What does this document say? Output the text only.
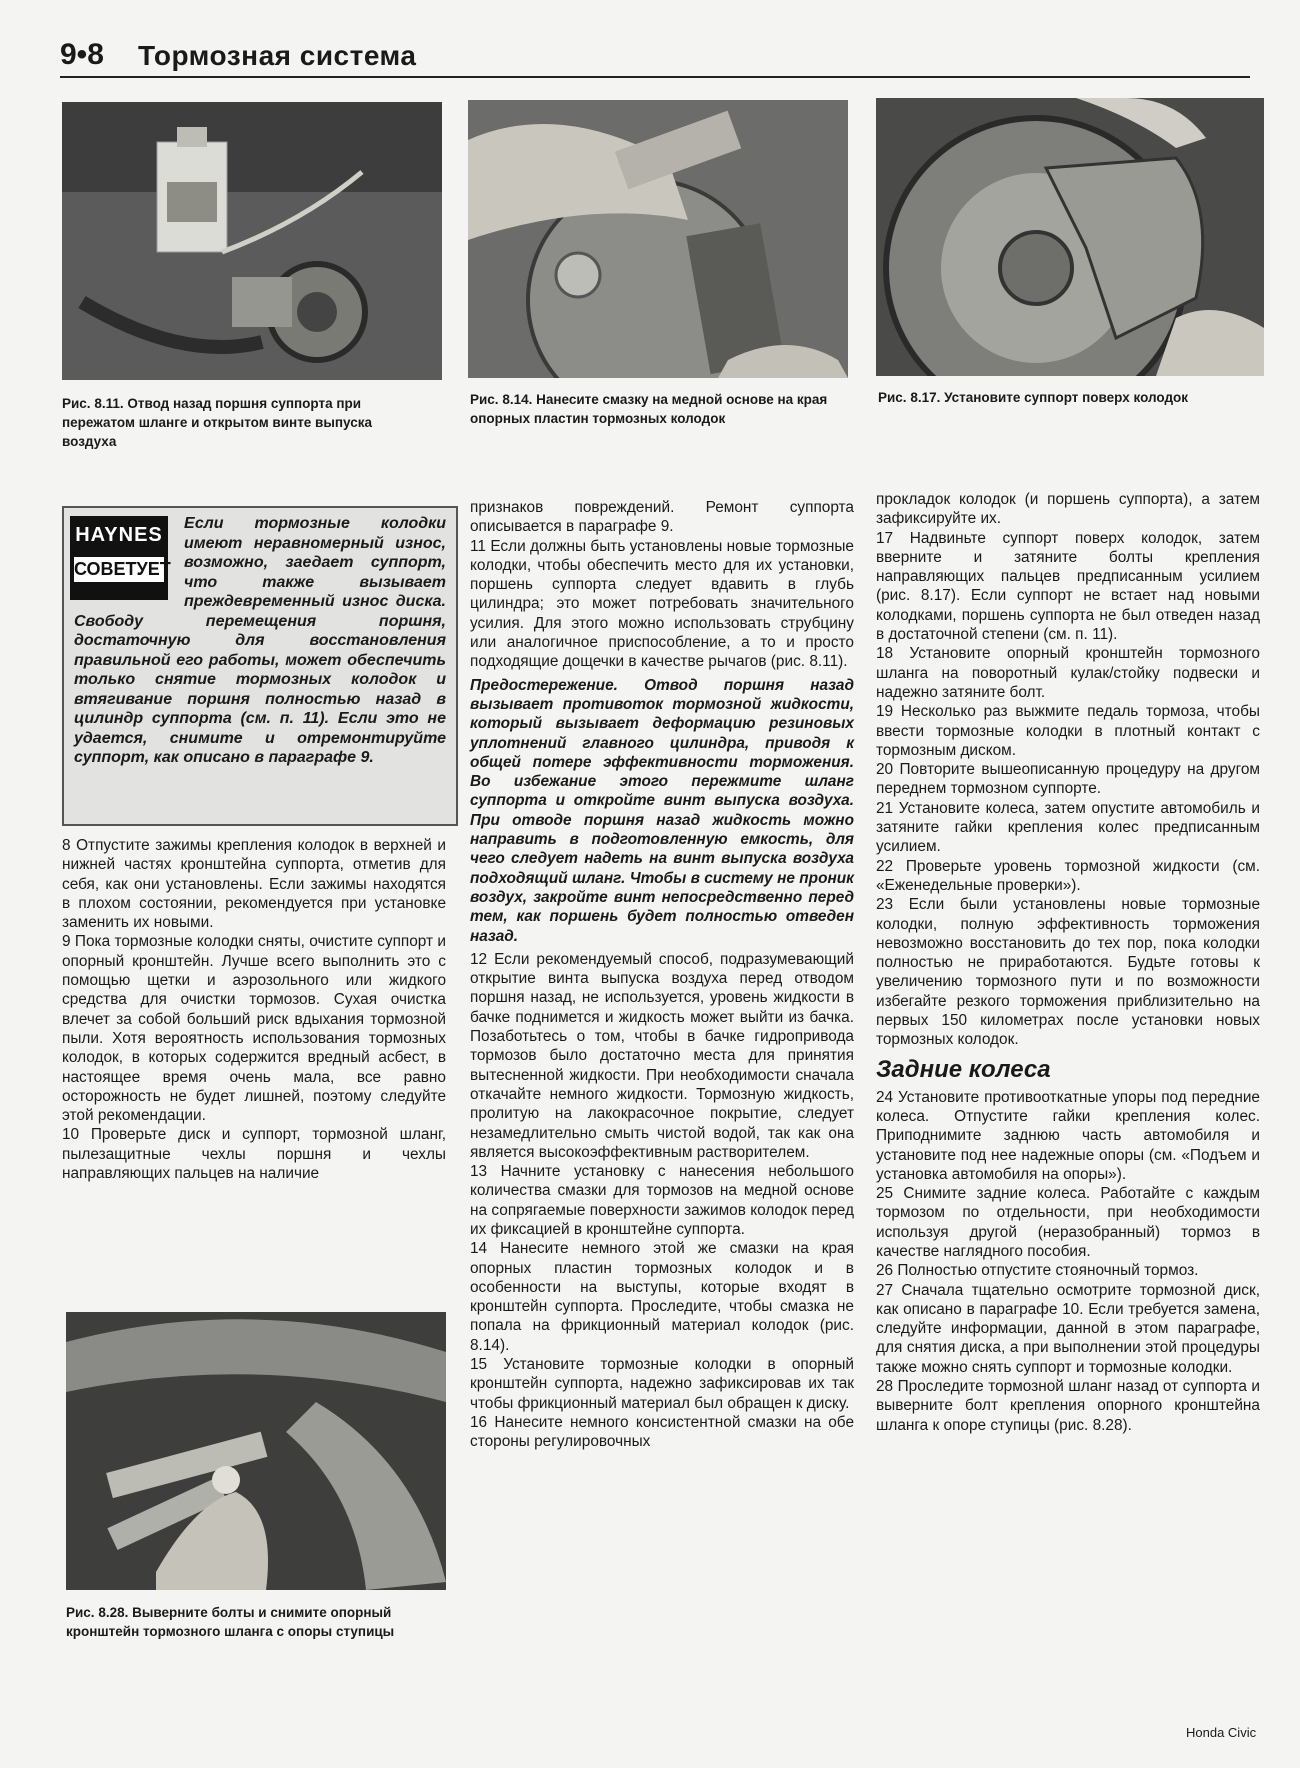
9•8 Тормозная система
Рис. 8.11. Отвод назад поршня суппорта при пережатом шланге и открытом винте выпуска воздуха
Рис. 8.14. Нанесите смазку на медной основе на края опорных пластин тормозных колодок
Рис. 8.17. Установите суппорт поверх колодок
HAYNES
СОВЕТУЕТ
Если тормозные колодки имеют неравномерный износ, возможно, заедает суппорт, что также вызывает преждевременный износ диска. Свободу перемещения поршня, достаточную для восстановления правильной его работы, может обеспечить только снятие тормозных колодок и втягивание поршня полностью назад в цилиндр суппорта (см. п. 11). Если это не удается, снимите и отремонтируйте суппорт, как описано в параграфе 9.

8 Отпустите зажимы крепления колодок в верхней и нижней частях кронштейна суппорта, отметив для себя, как они установлены. Если зажимы находятся в плохом состоянии, рекомендуется при установке заменить их новыми.

9 Пока тормозные колодки сняты, очистите суппорт и опорный кронштейн. Лучше всего выполнить это с помощью щетки и аэрозольного или жидкого средства для очистки тормозов. Сухая очистка влечет за собой больший риск вдыхания тормозной пыли. Хотя вероятность использования тормозных колодок, в которых содержится вредный асбест, в настоящее время очень мала, все равно осторожность не будет лишней, поэтому следуйте этой рекомендации.

10 Проверьте диск и суппорт, тормозной шланг, пылезащитные чехлы поршня и чехлы направляющих пальцев на наличие

Рис. 8.28. Выверните болты и снимите опорный кронштейн тормозного шланга с опоры ступицы

признаков повреждений. Ремонт суппорта описывается в параграфе 9.

11 Если должны быть установлены новые тормозные колодки, чтобы обеспечить место для их установки, поршень суппорта следует вдавить в глубь цилиндра; это может потребовать значительного усилия. Для этого можно использовать струбцину или аналогичное приспособление, а то и просто подходящие дощечки в качестве рычагов (рис. 8.11).

Предостережение. Отвод поршня назад вызывает противоток тормозной жидкости, который вызывает деформацию резиновых уплотнений главного цилиндра, приводя к общей потере эффективности торможения. Во избежание этого пережмите шланг суппорта и откройте винт выпуска воздуха. При отводе поршня назад жидкость можно направить в подготовленную емкость, для чего следует надеть на винт выпуска воздуха подходящий шланг. Чтобы в систему не проник воздух, закройте винт непосредственно перед тем, как поршень будет полностью отведен назад.

12 Если рекомендуемый способ, подразумевающий открытие винта выпуска воздуха перед отводом поршня назад, не используется, уровень жидкости в бачке поднимется и жидкость может выйти из бачка. Позаботьтесь о том, чтобы в бачке гидропривода тормозов было достаточно места для принятия вытесненной жидкости. При необходимости сначала откачайте немного жидкости. Тормозную жидкость, пролитую на лакокрасочное покрытие, следует незамедлительно смыть чистой водой, так как она является высокоэффективным растворителем.

13 Начните установку с нанесения небольшого количества смазки для тормозов на медной основе на сопрягаемые поверхности зажимов колодок перед их фиксацией в кронштейне суппорта.

14 Нанесите немного этой же смазки на края опорных пластин тормозных колодок и в особенности на выступы, которые входят в кронштейн суппорта. Проследите, чтобы смазка не попала на фрикционный материал колодок (рис. 8.14).

15 Установите тормозные колодки в опорный кронштейн суппорта, надежно зафиксировав их так чтобы фрикционный материал был обращен к диску.

16 Нанесите немного консистентной смазки на обе стороны регулировочных

прокладок колодок (и поршень суппорта), а затем зафиксируйте их.

17 Надвиньте суппорт поверх колодок, затем вверните и затяните болты крепления направляющих пальцев предписанным усилием (рис. 8.17). Если суппорт не встает над новыми колодками, поршень суппорта не был отведен назад в достаточной степени (см. п. 11).

18 Установите опорный кронштейн тормозного шланга на поворотный кулак/стойку подвески и надежно затяните болт.

19 Несколько раз выжмите педаль тормоза, чтобы ввести тормозные колодки в плотный контакт с тормозным диском.

20 Повторите вышеописанную процедуру на другом переднем тормозном суппорте.

21 Установите колеса, затем опустите автомобиль и затяните гайки крепления колес предписанным усилием.

22 Проверьте уровень тормозной жидкости (см. «Еженедельные проверки»).

23 Если были установлены новые тормозные колодки, полную эффективность торможения невозможно восстановить до тех пор, пока колодки полностью не приработаются. Будьте готовы к увеличению тормозного пути и по возможности избегайте резкого торможения приблизительно на первых 150 километрах после установки новых тормозных колодок.

Задние колеса

24 Установите противооткатные упоры под передние колеса. Отпустите гайки крепления колес. Приподнимите заднюю часть автомобиля и установите под нее надежные опоры (см. «Подъем и установка автомобиля на опоры»).

25 Снимите задние колеса. Работайте с каждым тормозом по отдельности, при необходимости используя другой (неразобранный) тормоз в качестве наглядного пособия.

26 Полностью отпустите стояночный тормоз.

27 Сначала тщательно осмотрите тормозной диск, как описано в параграфе 10. Если требуется замена, следуйте информации, данной в этом параграфе, для снятия диска, а при выполнении этой процедуры также можно снять суппорт и тормозные колодки.

28 Проследите тормозной шланг назад от суппорта и выверните болт крепления опорного кронштейна шланга к опоре ступицы (рис. 8.28).

Honda Civic
